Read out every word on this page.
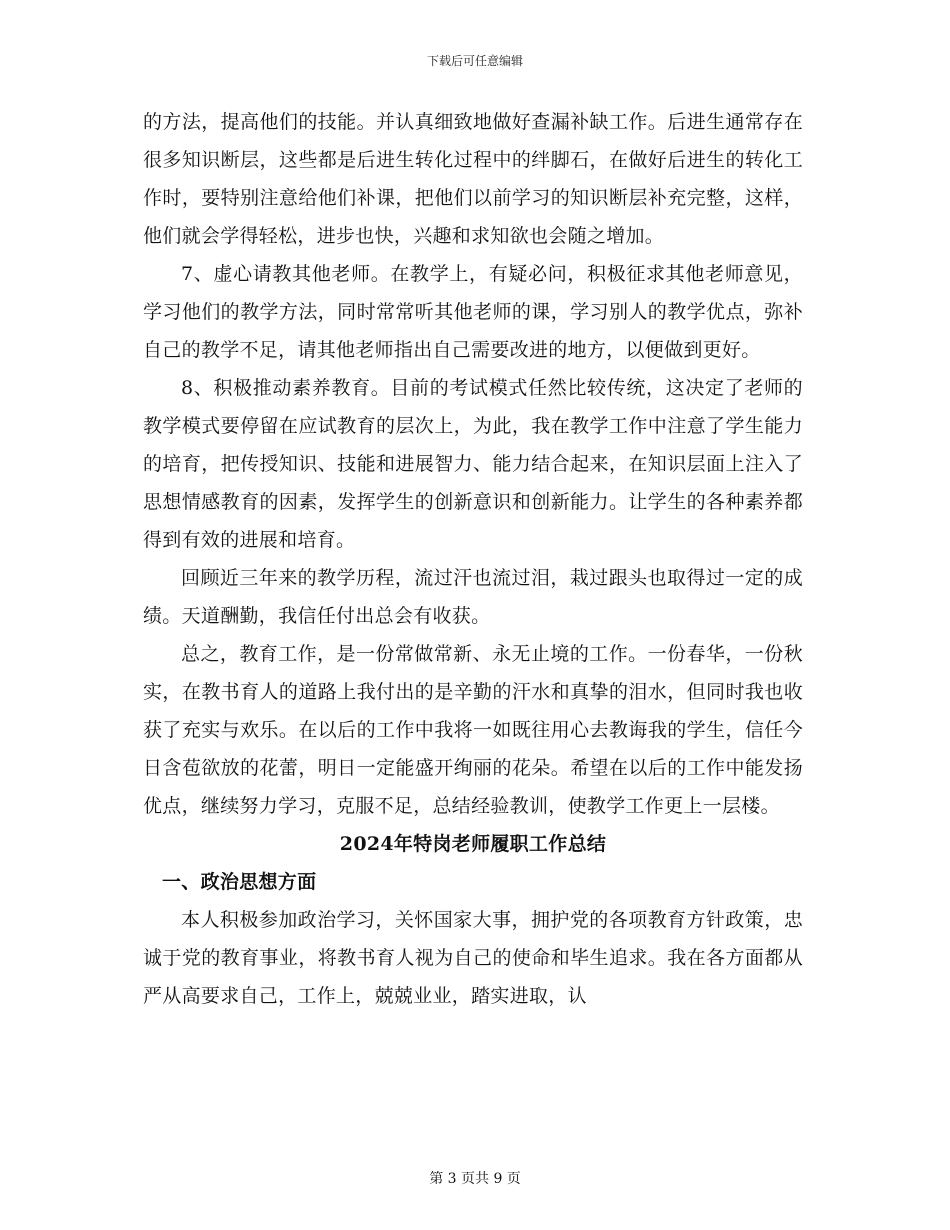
下载后可任意编辑

的方法，提高他们的技能。并认真细致地做好查漏补缺工作。后进生通常存在很多知识断层，这些都是后进生转化过程中的绊脚石，在做好后进生的转化工作时，要特别注意给他们补课，把他们以前学习的知识断层补充完整，这样，他们就会学得轻松，进步也快，兴趣和求知欲也会随之增加。

7、虚心请教其他老师。在教学上，有疑必问，积极征求其他老师意见，学习他们的教学方法，同时常常听其他老师的课，学习别人的教学优点，弥补自己的教学不足，请其他老师指出自己需要改进的地方，以便做到更好。

8、积极推动素养教育。目前的考试模式任然比较传统，这决定了老师的教学模式要停留在应试教育的层次上，为此，我在教学工作中注意了学生能力的培育，把传授知识、技能和进展智力、能力结合起来，在知识层面上注入了思想情感教育的因素，发挥学生的创新意识和创新能力。让学生的各种素养都得到有效的进展和培育。

回顾近三年来的教学历程，流过汗也流过泪，栽过跟头也取得过一定的成绩。天道酬勤，我信任付出总会有收获。

总之，教育工作，是一份常做常新、永无止境的工作。一份春华，一份秋实，在教书育人的道路上我付出的是辛勤的汗水和真挚的泪水，但同时我也收获了充实与欢乐。在以后的工作中我将一如既往用心去教诲我的学生，信任今日含苞欲放的花蕾，明日一定能盛开绚丽的花朵。希望在以后的工作中能发扬优点，继续努力学习，克服不足，总结经验教训，使教学工作更上一层楼。

2024年特岗老师履职工作总结

一、政治思想方面

本人积极参加政治学习，关怀国家大事，拥护党的各项教育方针政策，忠诚于党的教育事业，将教书育人视为自己的使命和毕生追求。我在各方面都从严从高要求自己，工作上，兢兢业业，踏实进取，认

第 3 页共 9 页
